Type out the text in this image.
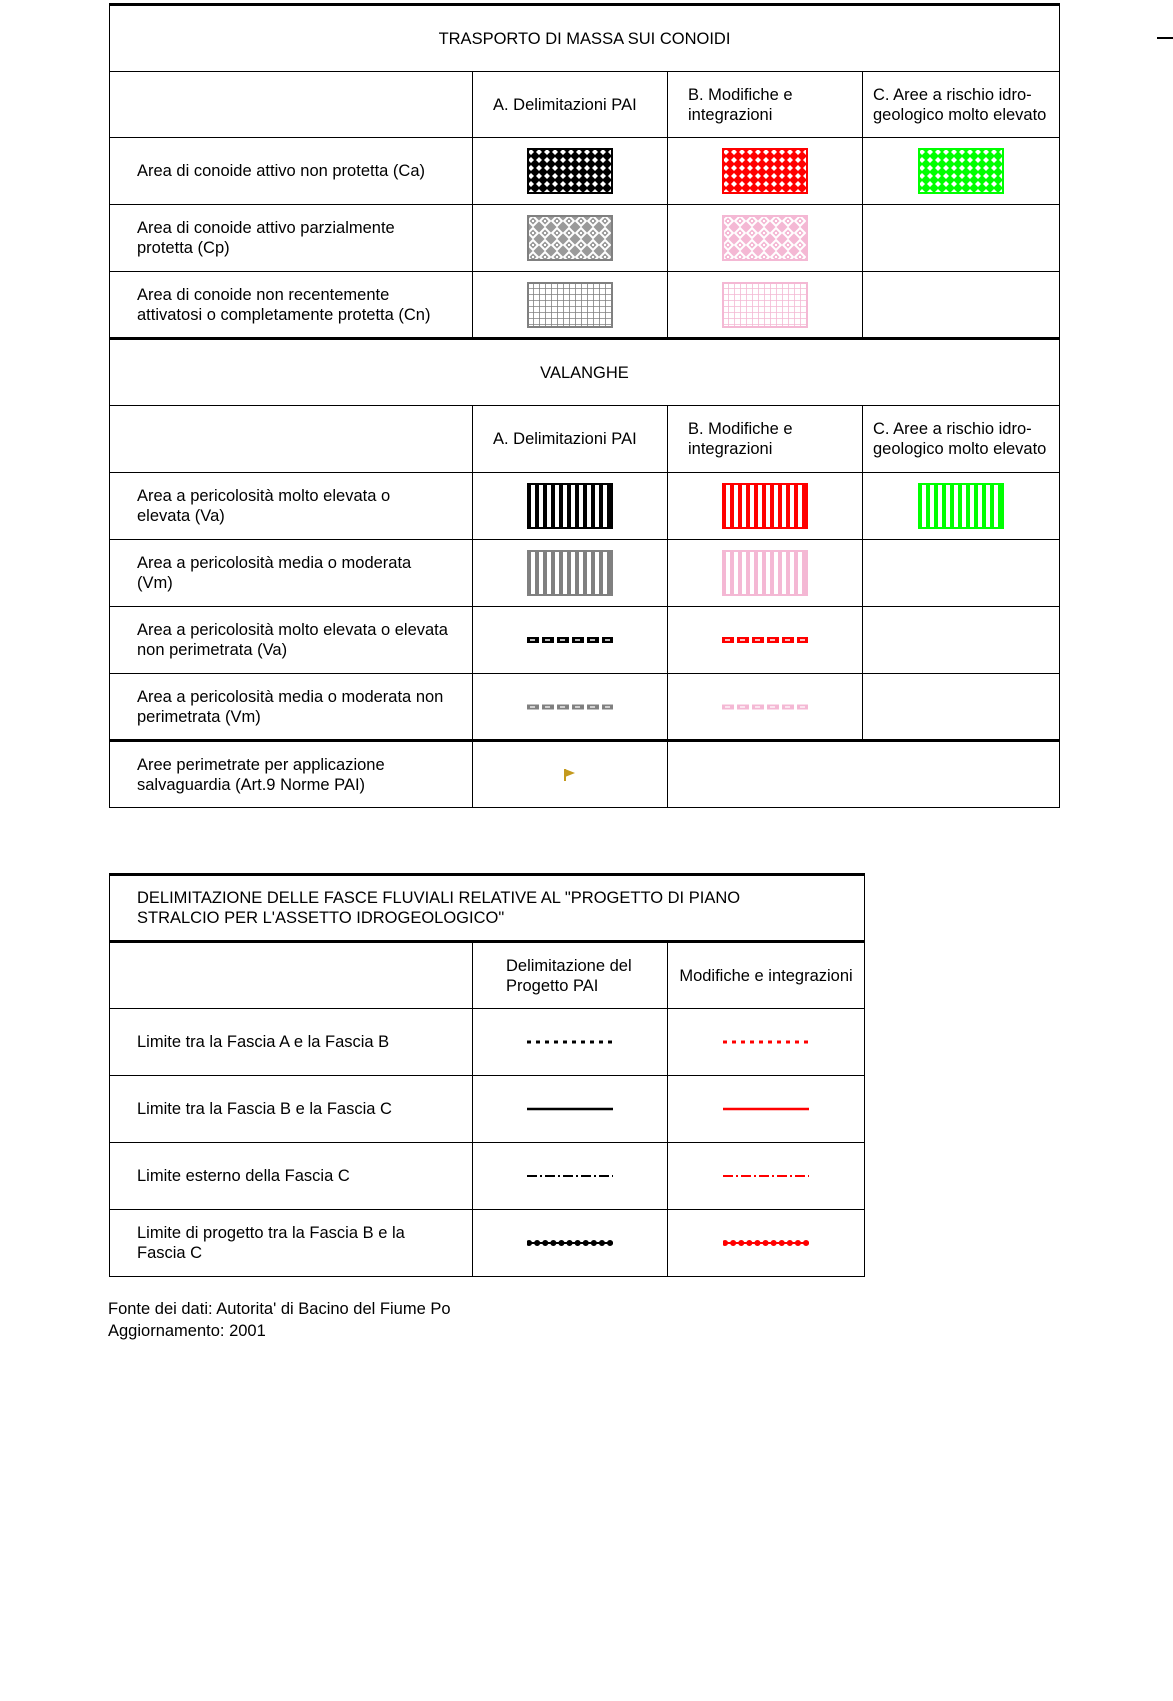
TRASPORTO DI MASSA SUI CONOIDI			
	A. Delimitazioni PAI	B. Modifiche e integrazioni	C. Aree a rischio idro-geologico molto elevato
Area di conoide attivo non protetta (Ca)	

Area di conoide attivo parzialmente protetta (Cp)	

Area di conoide non recentemente attivatosi o completamente protetta (Cn)	

VALANGHE			
	A. Delimitazioni PAI	B. Modifiche e integrazioni	C. Aree a rischio idro-geologico molto elevato
Area a pericolosità molto elevata o elevata (Va)	

Area a pericolosità media o moderata (Vm)	

Area a pericolosità molto elevata o elevata non perimetrata (Va)	

Area a pericolosità media o moderata non perimetrata (Vm)	

Aree perimetrate per applicazione salvaguardia (Art.9 Norme PAI)	

DELIMITAZIONE DELLE FASCE FLUVIALI RELATIVE AL "PROGETTO DI PIANO STRALCIO PER L'ASSETTO IDROGEOLOGICO"		
	Delimitazione del Progetto PAI	Modifiche e integrazioni
Limite tra la Fascia A e la Fascia B	

Limite tra la Fascia B e la Fascia C	

Limite esterno della Fascia C	

Limite di progetto tra la Fascia B e la Fascia C	

Fonte dei dati: Autorita' di Bacino del Fiume Po
Aggiornamento: 2001
